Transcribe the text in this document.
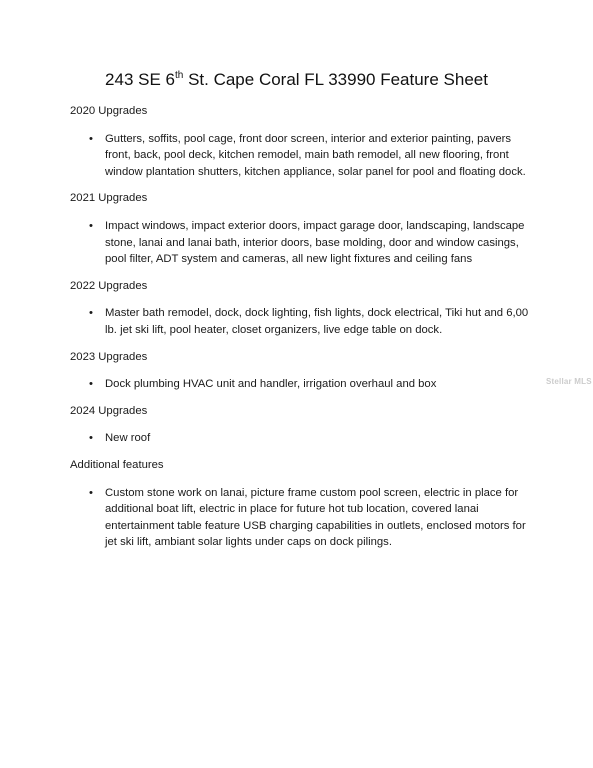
243 SE 6th St. Cape Coral FL 33990 Feature Sheet

2020 Upgrades

• Gutters, soffits, pool cage, front door screen, interior and exterior painting, pavers front, back, pool deck, kitchen remodel, main bath remodel, all new flooring, front window plantation shutters, kitchen appliance, solar panel for pool and floating dock.

2021 Upgrades

• Impact windows, impact exterior doors, impact garage door, landscaping, landscape stone, lanai and lanai bath, interior doors, base molding, door and window casings, pool filter, ADT system and cameras, all new light fixtures and ceiling fans

2022 Upgrades

• Master bath remodel, dock, dock lighting, fish lights, dock electrical, Tiki hut and 6,00 lb. jet ski lift, pool heater, closet organizers, live edge table on dock.

2023 Upgrades

• Dock plumbing HVAC unit and handler, irrigation overhaul and box

2024 Upgrades

• New roof

Additional features

• Custom stone work on lanai, picture frame custom pool screen, electric in place for additional boat lift, electric in place for future hot tub location, covered lanai entertainment table feature USB charging capabilities in outlets, enclosed motors for jet ski lift, ambiant solar lights under caps on dock pilings.
Stellar MLS
